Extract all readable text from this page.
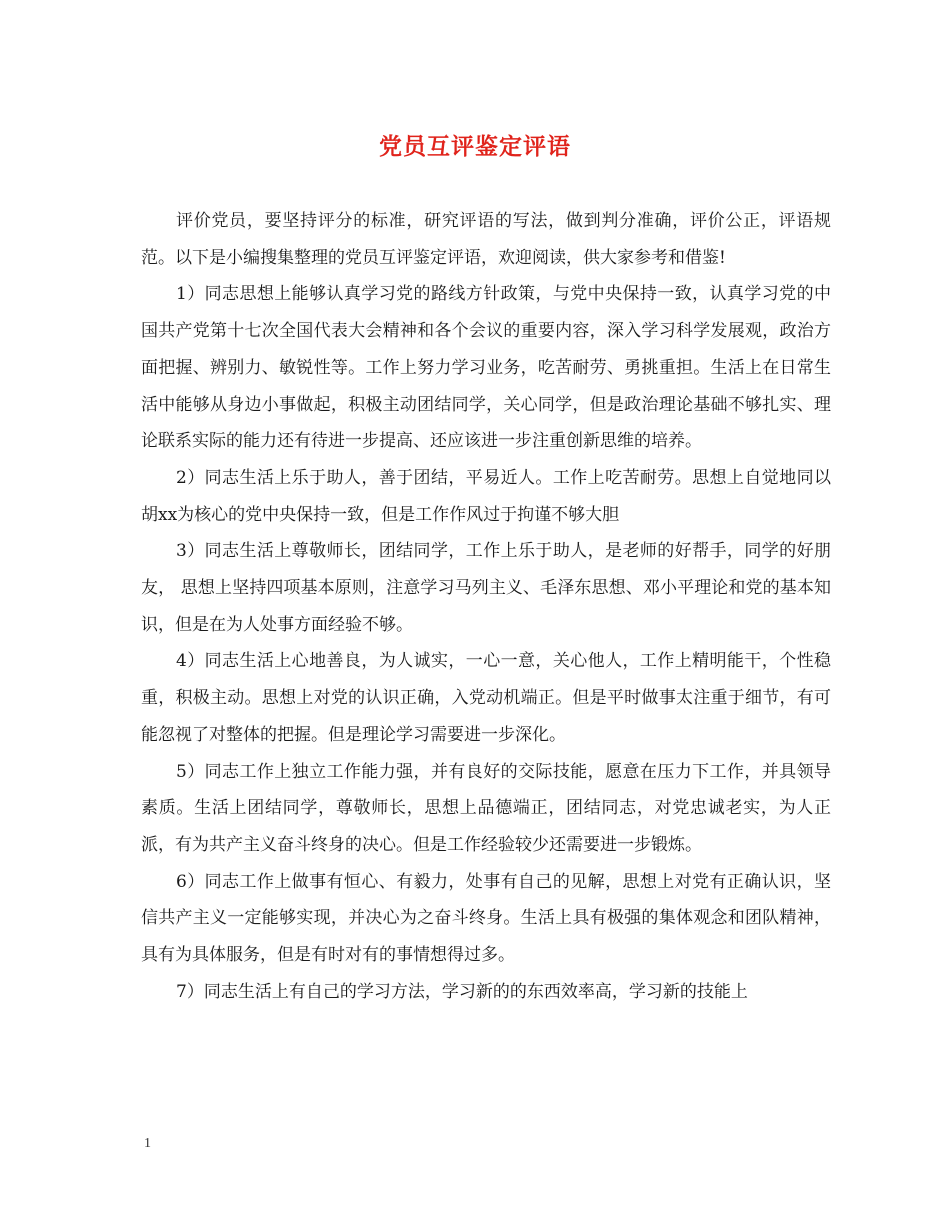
党员互评鉴定评语

评价党员，要坚持评分的标准，研究评语的写法，做到判分准确，评价公正，评语规范。以下是小编搜集整理的党员互评鉴定评语，欢迎阅读，供大家参考和借鉴!

1）同志思想上能够认真学习党的路线方针政策，与党中央保持一致，认真学习党的中国共产党第十七次全国代表大会精神和各个会议的重要内容，深入学习科学发展观，政治方面把握、辨别力、敏锐性等。工作上努力学习业务，吃苦耐劳、勇挑重担。生活上在日常生活中能够从身边小事做起，积极主动团结同学，关心同学，但是政治理论基础不够扎实、理论联系实际的能力还有待进一步提高、还应该进一步注重创新思维的培养。

2）同志生活上乐于助人，善于团结，平易近人。工作上吃苦耐劳。思想上自觉地同以胡xx为核心的党中央保持一致，但是工作作风过于拘谨不够大胆

3）同志生活上尊敬师长，团结同学，工作上乐于助人，是老师的好帮手，同学的好朋友， 思想上坚持四项基本原则，注意学习马列主义、毛泽东思想、邓小平理论和党的基本知识，但是在为人处事方面经验不够。

4）同志生活上心地善良，为人诚实，一心一意，关心他人，工作上精明能干，个性稳重，积极主动。思想上对党的认识正确，入党动机端正。但是平时做事太注重于细节，有可能忽视了对整体的把握。但是理论学习需要进一步深化。

5）同志工作上独立工作能力强，并有良好的交际技能，愿意在压力下工作，并具领导素质。生活上团结同学，尊敬师长，思想上品德端正，团结同志，对党忠诚老实，为人正派，有为共产主义奋斗终身的决心。但是工作经验较少还需要进一步锻炼。

6）同志工作上做事有恒心、有毅力，处事有自己的见解，思想上对党有正确认识，坚信共产主义一定能够实现，并决心为之奋斗终身。生活上具有极强的集体观念和团队精神，具有为具体服务，但是有时对有的事情想得过多。

7）同志生活上有自己的学习方法，学习新的的东西效率高，学习新的技能上

1
